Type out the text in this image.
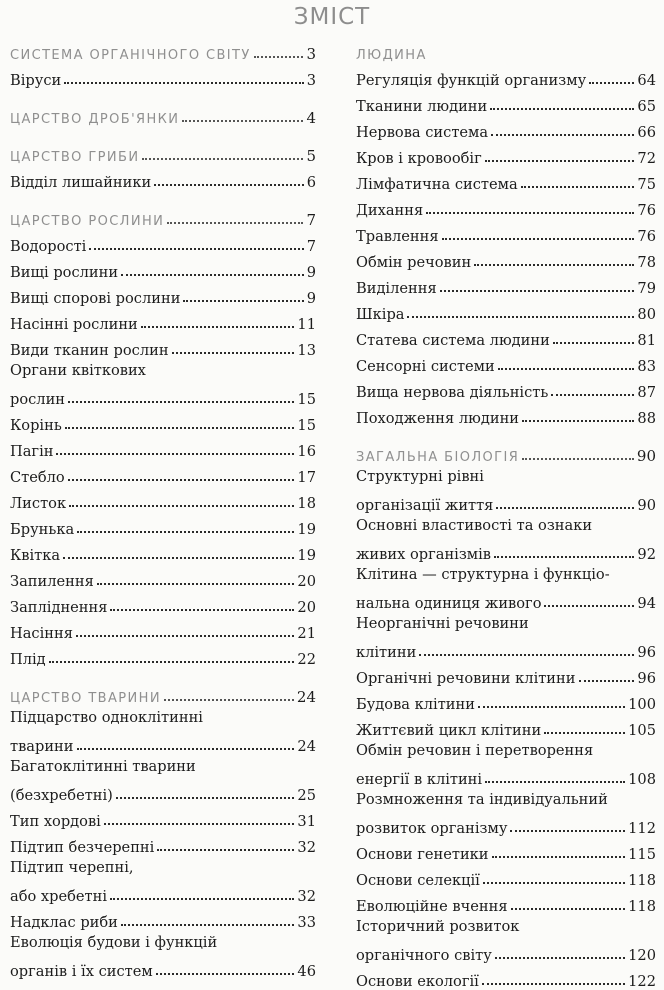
ЗМІСТ
СИСТЕМА ОРГАНІЧНОГО СВІТУ	3
Віруси	3
ЦАРСТВО ДРОБ'ЯНКИ	4
ЦАРСТВО ГРИБИ	5
Відділ лишайники	6
ЦАРСТВО РОСЛИНИ	7
Водорості	7
Вищі рослини	9
Вищі спорові рослини	9
Насінні рослини	11
Види тканин рослин	13
Органи квіткових
рослин	15
Корінь	15
Пагін	16
Стебло	17
Листок	18
Брунька	19
Квітка	19
Запилення	20
Запліднення	20
Насіння	21
Плід	22
ЦАРСТВО ТВАРИНИ	24
Підцарство одноклітинні
тварини	24
Багатоклітинні тварини
(безхребетні)	25
Тип хордові	31
Підтип безчерепні	32
Підтип черепні,
або хребетні	32
Надклас риби	33
Еволюція будови і функцій
органів і їх систем	46
ЛЮДИНА
Регуляція функцій организму	64
Тканини людини	65
Нервова система	66
Кров і кровообіг	72
Лімфатична система	75
Дихання	76
Травлення	76
Обмін речовин	78
Виділення	79
Шкіра	80
Статева система людини	81
Сенсорні системи	83
Вища нервова діяльність	87
Походження людини	88
ЗАГАЛЬНА БІОЛОГІЯ	90
Структурні рівні
організації життя	90
Основні властивості та ознаки
живих організмів	92
Клітина — структурна і функціо-
нальна одиниця живого	94
Неорганічні речовини
клітини	96
Органічні речовини клітини	96
Будова клітини	100
Життєвий цикл клітини	105
Обмін речовин і перетворення
енергії в клітині	108
Розмноження та індивідуальний
розвиток організму	112
Основи генетики	115
Основи селекції	118
Еволюційне вчення	118
Історичний розвиток
органічного світу	120
Основи екології	122
